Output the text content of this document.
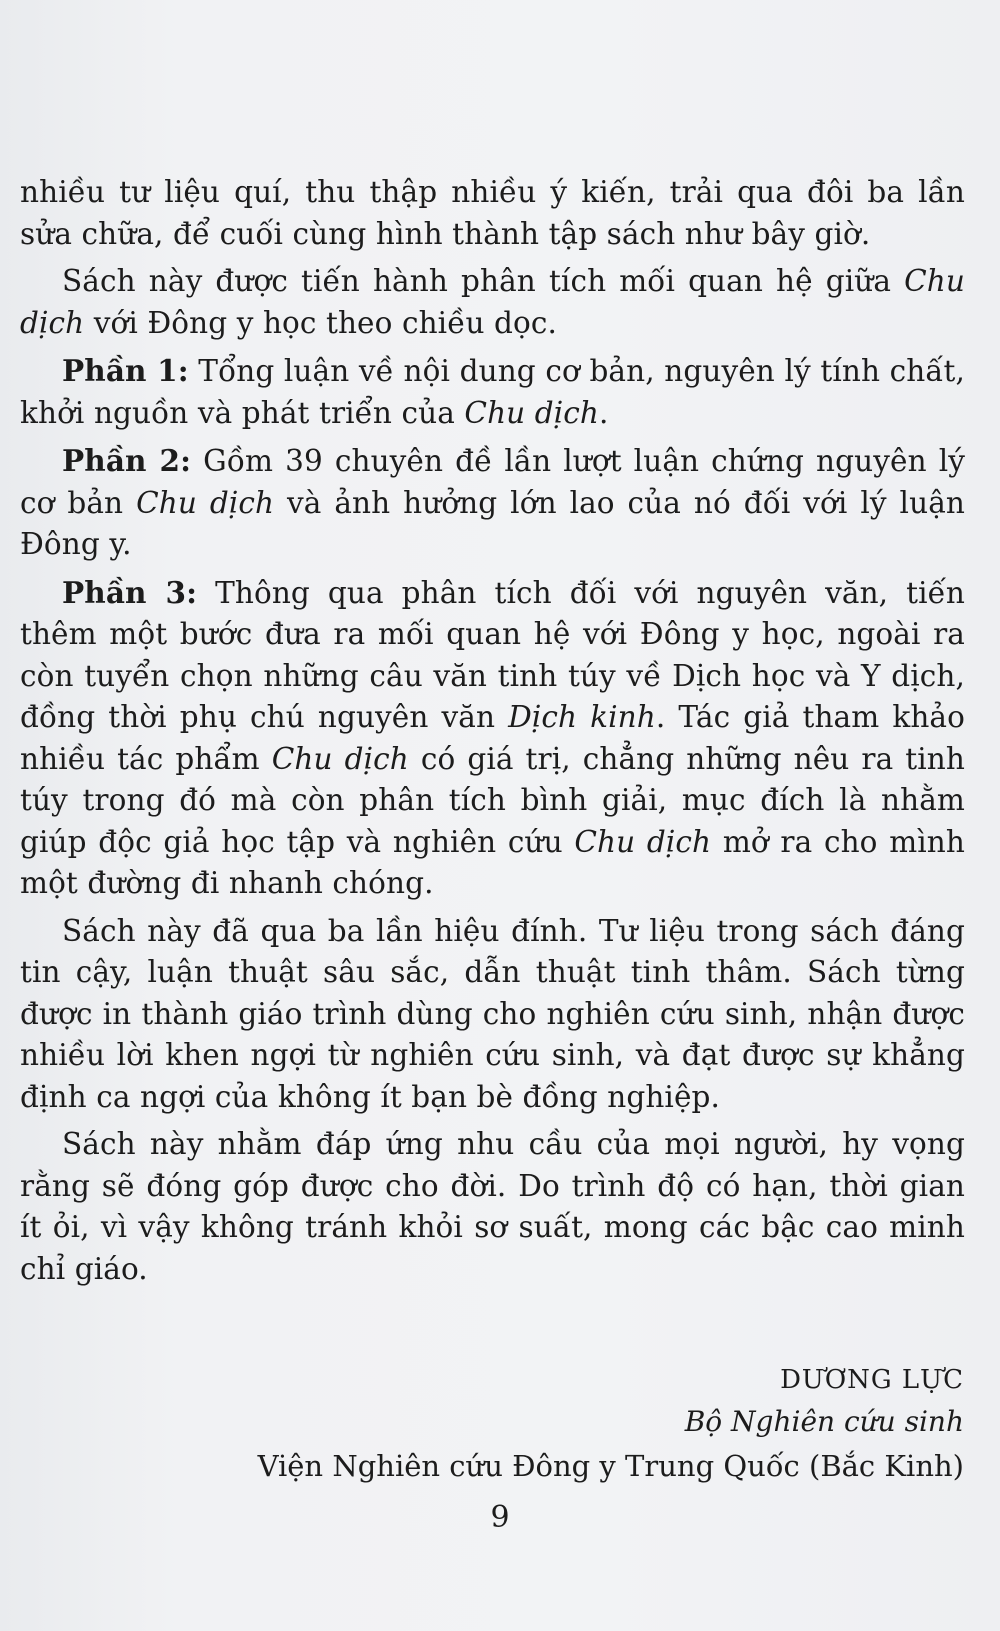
nhiều tư liệu quí, thu thập nhiều ý kiến, trải qua đôi ba lần sửa chữa, để cuối cùng hình thành tập sách như bây giờ.

Sách này được tiến hành phân tích mối quan hệ giữa Chu dịch với Đông y học theo chiều dọc.

Phần 1: Tổng luận về nội dung cơ bản, nguyên lý tính chất, khởi nguồn và phát triển của Chu dịch.

Phần 2: Gồm 39 chuyên đề lần lượt luận chứng nguyên lý cơ bản Chu dịch và ảnh hưởng lớn lao của nó đối với lý luận Đông y.

Phần 3: Thông qua phân tích đối với nguyên văn, tiến thêm một bước đưa ra mối quan hệ với Đông y học, ngoài ra còn tuyển chọn những câu văn tinh túy về Dịch học và Y dịch, đồng thời phụ chú nguyên văn Dịch kinh. Tác giả tham khảo nhiều tác phẩm Chu dịch có giá trị, chẳng những nêu ra tinh túy trong đó mà còn phân tích bình giải, mục đích là nhằm giúp độc giả học tập và nghiên cứu Chu dịch mở ra cho mình một đường đi nhanh chóng.

Sách này đã qua ba lần hiệu đính. Tư liệu trong sách đáng tin cậy, luận thuật sâu sắc, dẫn thuật tinh thâm. Sách từng được in thành giáo trình dùng cho nghiên cứu sinh, nhận được nhiều lời khen ngợi từ nghiên cứu sinh, và đạt được sự khẳng định ca ngợi của không ít bạn bè đồng nghiệp.

Sách này nhằm đáp ứng nhu cầu của mọi người, hy vọng rằng sẽ đóng góp được cho đời. Do trình độ có hạn, thời gian ít ỏi, vì vậy không tránh khỏi sơ suất, mong các bậc cao minh chỉ giáo.

DƯƠNG LỰC
Bộ Nghiên cứu sinh
Viện Nghiên cứu Đông y Trung Quốc (Bắc Kinh)
9
